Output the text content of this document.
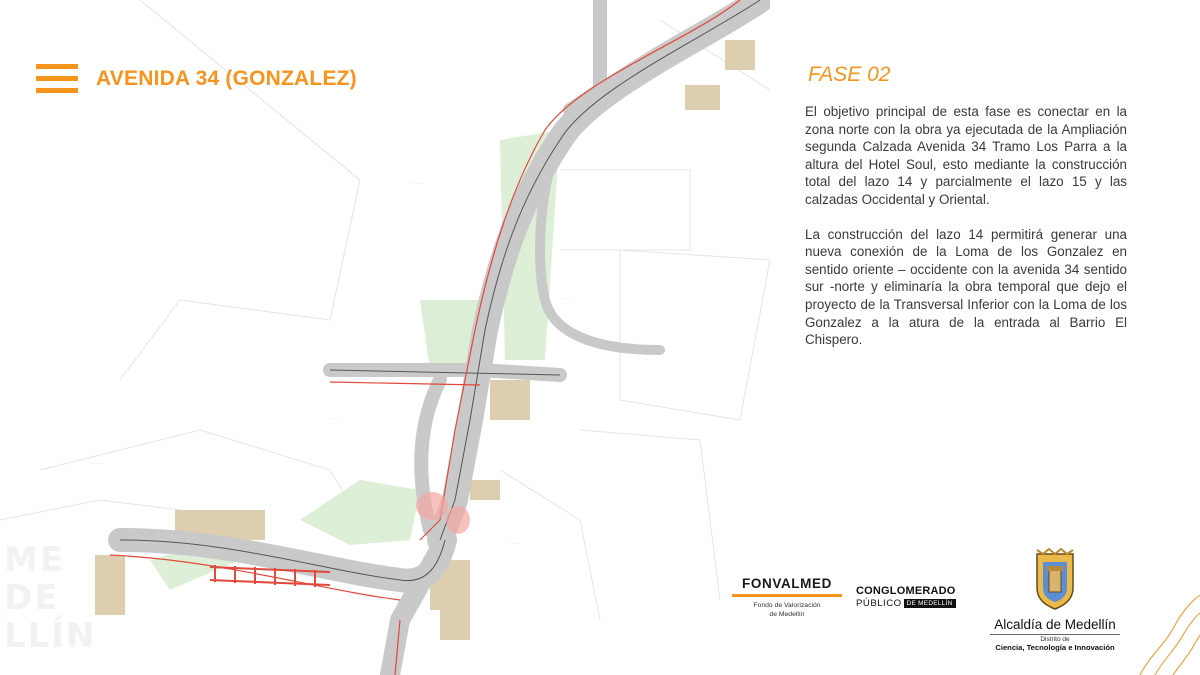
· · · · ·
· · · ·
· · · · ·
· · ·
· · · ·
AVENIDA 34 (GONZALEZ)	FASE 02

El objetivo principal de esta fase es conectar en la zona norte con la obra ya ejecutada de la Ampliación segunda Calzada Avenida 34 Tramo Los Parra a la altura del Hotel Soul, esto mediante la construcción total del lazo 14 y parcialmente el lazo 15 y las calzadas Occidental y Oriental.

La construcción del lazo 14 permitirá generar una nueva conexión de la Loma de los Gonzalez en sentido oriente – occidente con la avenida 34 sentido sur -norte y eliminaría la obra temporal que dejo el proyecto de la Transversal Inferior con la Loma de los Gonzalez a la atura de la entrada al Barrio El Chispero.

ME
DE
LLÍN
FONVALMED
Fondo de Valorización
de Medellín
CONGLOMERADO
PÚBLICO DE MEDELLÍN
Alcaldía de Medellín
Distrito de
Ciencia, Tecnología e Innovación
